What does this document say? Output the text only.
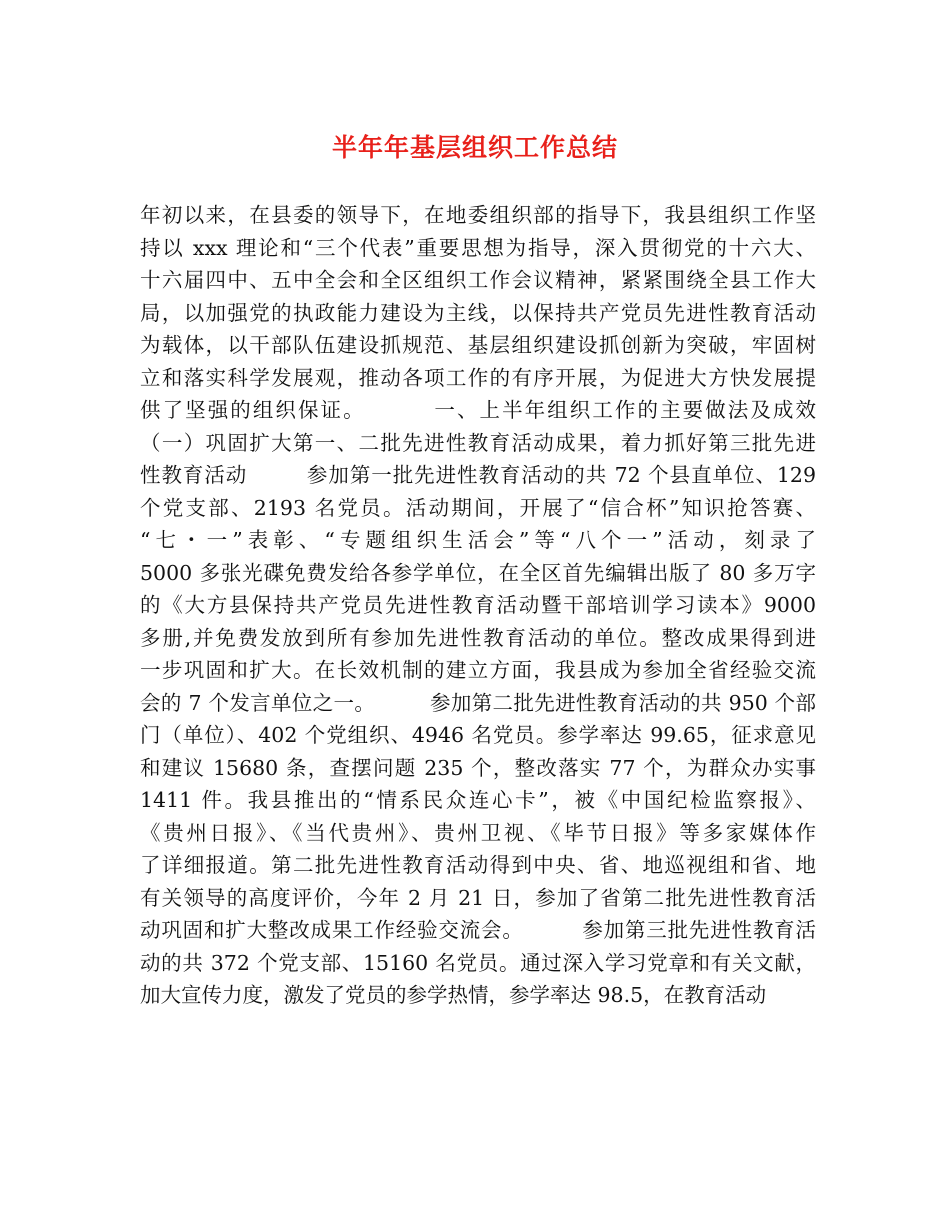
半年年基层组织工作总结
年初以来，在县委的领导下，在地委组织部的指导下，我县组织工作坚
持以 xxx 理论和“三个代表”重要思想为指导，深入贯彻党的十六大、
十六届四中、五中全会和全区组织工作会议精神，紧紧围绕全县工作大
局，以加强党的执政能力建设为主线，以保持共产党员先进性教育活动
为载体，以干部队伍建设抓规范、基层组织建设抓创新为突破，牢固树
立和落实科学发展观，推动各项工作的有序开展，为促进大方快发展提
供了坚强的组织保证。        一、上半年组织工作的主要做法及成效
（一）巩固扩大第一、二批先进性教育活动成果，着力抓好第三批先进
性教育活动        参加第一批先进性教育活动的共 72 个县直单位、129
个党支部、2193 名党员。活动期间，开展了“信合杯”知识抢答赛、
“七・一”表彰、“专题组织生活会”等“八个一”活动，刻录了
5000 多张光碟免费发给各参学单位，在全区首先编辑出版了 80 多万字
的《大方县保持共产党员先进性教育活动暨干部培训学习读本》9000
多册,并免费发放到所有参加先进性教育活动的单位。整改成果得到进
一步巩固和扩大。在长效机制的建立方面，我县成为参加全省经验交流
会的 7 个发言单位之一。        参加第二批先进性教育活动的共 950 个部
门（单位）、402 个党组织、4946 名党员。参学率达 99.65，征求意见
和建议 15680 条，查摆问题 235 个，整改落实 77 个，为群众办实事
1411 件。我县推出的“情系民众连心卡”，被《中国纪检监察报》、
《贵州日报》、《当代贵州》、贵州卫视、《毕节日报》等多家媒体作
了详细报道。第二批先进性教育活动得到中央、省、地巡视组和省、地
有关领导的高度评价，今年 2 月 21 日，参加了省第二批先进性教育活
动巩固和扩大整改成果工作经验交流会。        参加第三批先进性教育活
动的共 372 个党支部、15160 名党员。通过深入学习党章和有关文献，
加大宣传力度，激发了党员的参学热情，参学率达 98.5，在教育活动
